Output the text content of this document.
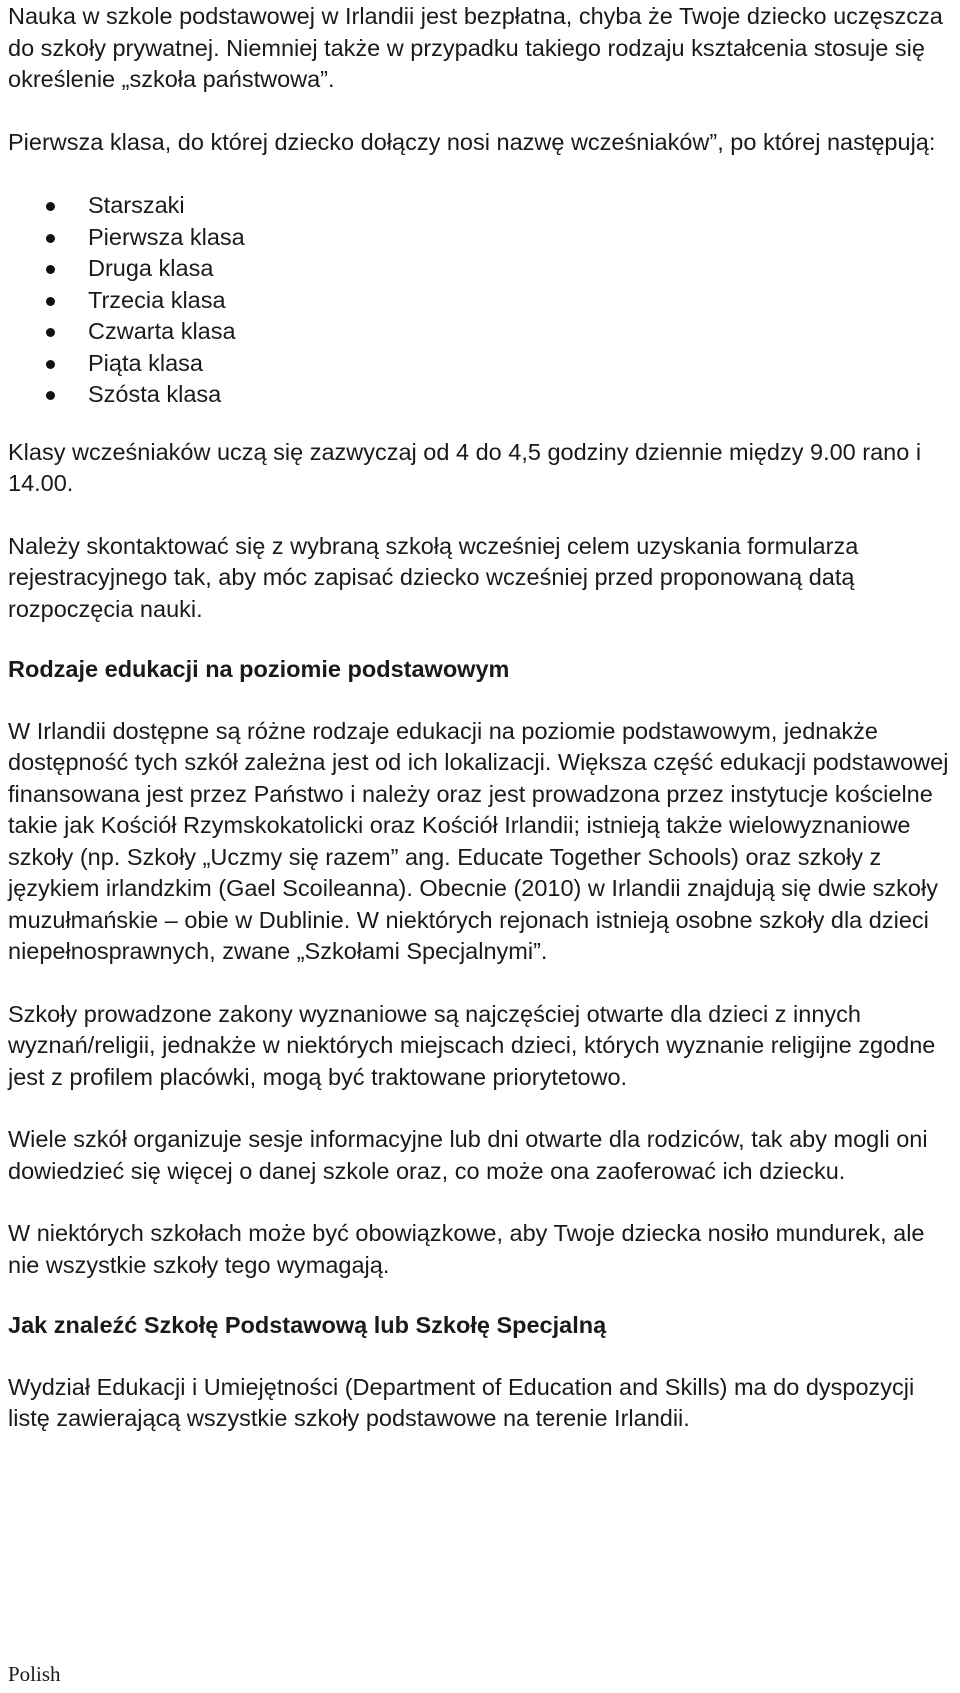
Nauka w szkole podstawowej w Irlandii jest bezpłatna, chyba że Twoje dziecko uczęszcza do szkoły prywatnej. Niemniej także w przypadku takiego rodzaju kształcenia stosuje się określenie „szkoła państwowa”.

Pierwsza klasa, do której dziecko dołączy nosi nazwę wcześniaków”, po której następują:

Starszaki
Pierwsza klasa
Druga klasa
Trzecia klasa
Czwarta klasa
Piąta klasa
Szósta klasa

Klasy wcześniaków uczą się zazwyczaj od 4 do 4,5 godziny dziennie między 9.00 rano i 14.00.

Należy skontaktować się z wybraną szkołą wcześniej celem uzyskania formularza rejestracyjnego tak, aby móc zapisać dziecko wcześniej przed proponowaną datą rozpoczęcia nauki.

Rodzaje edukacji na poziomie podstawowym

W Irlandii dostępne są różne rodzaje edukacji na poziomie podstawowym, jednakże dostępność tych szkół zależna jest od ich lokalizacji. Większa część edukacji podstawowej finansowana jest przez Państwo i należy oraz jest prowadzona przez instytucje kościelne takie jak Kościół Rzymskokatolicki oraz Kościół Irlandii; istnieją także wielowyznaniowe szkoły (np. Szkoły „Uczmy się razem” ang. Educate Together Schools) oraz szkoły z językiem irlandzkim (Gael Scoileanna). Obecnie (2010) w Irlandii znajdują się dwie szkoły muzułmańskie – obie w Dublinie. W niektórych rejonach istnieją osobne szkoły dla dzieci niepełnosprawnych, zwane „Szkołami Specjalnymi”.

Szkoły prowadzone zakony wyznaniowe są najczęściej otwarte dla dzieci z innych wyznań/religii, jednakże w niektórych miejscach dzieci, których wyznanie religijne zgodne jest z profilem placówki, mogą być traktowane priorytetowo.

Wiele szkół organizuje sesje informacyjne lub dni otwarte dla rodziców, tak aby mogli oni dowiedzieć się więcej o danej szkole oraz, co może ona zaoferować ich dziecku.

W niektórych szkołach może być obowiązkowe, aby Twoje dziecka nosiło mundurek, ale nie wszystkie szkoły tego wymagają.

Jak znaleźć Szkołę Podstawową lub Szkołę Specjalną

Wydział Edukacji i Umiejętności (Department of Education and Skills) ma do dyspozycji listę zawierającą wszystkie szkoły podstawowe na terenie Irlandii.

Polish
